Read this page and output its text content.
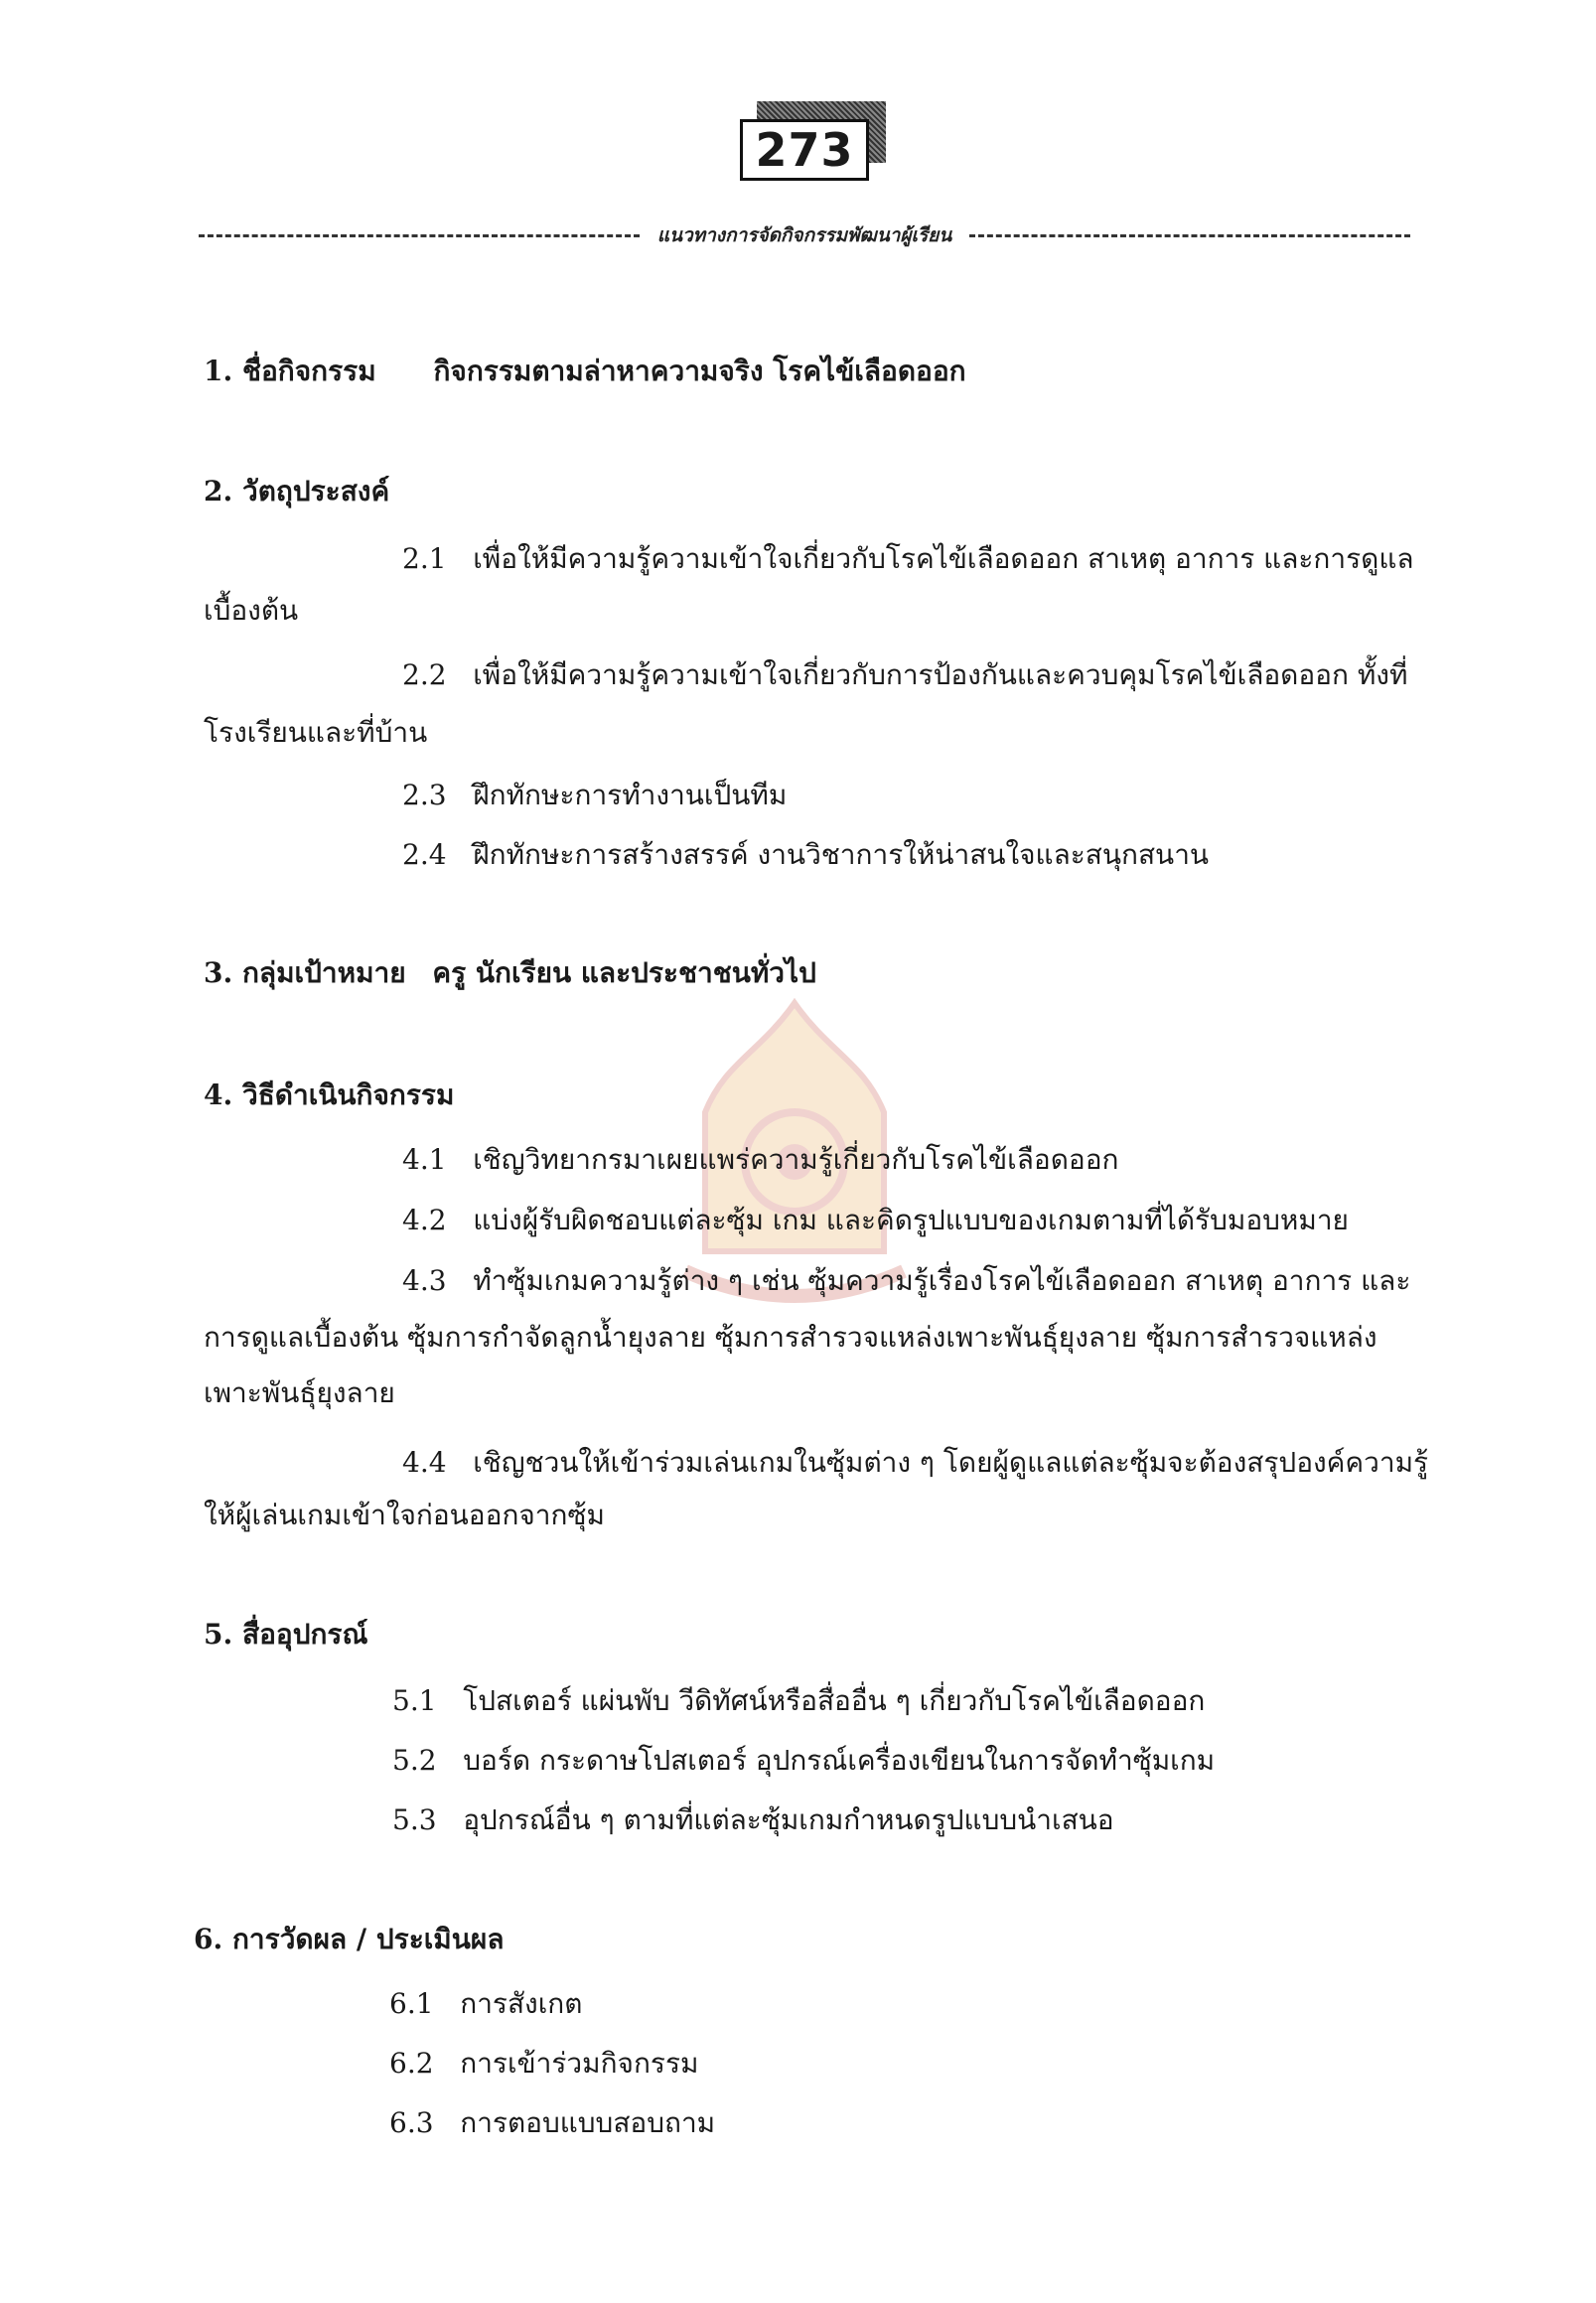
273
แนวทางการจัดกิจกรรมพัฒนาผู้เรียน
1. ชื่อกิจกรรม กิจกรรมตามล่าหาความจริง โรคไข้เลือดออก
2. วัตถุประสงค์
2.1 เพื่อให้มีความรู้ความเข้าใจเกี่ยวกับโรคไข้เลือดออก สาเหตุ อาการ และการดูแล
เบื้องต้น
2.2 เพื่อให้มีความรู้ความเข้าใจเกี่ยวกับการป้องกันและควบคุมโรคไข้เลือดออก ทั้งที่
โรงเรียนและที่บ้าน
2.3 ฝึกทักษะการทำงานเป็นทีม
2.4 ฝึกทักษะการสร้างสรรค์ งานวิชาการให้น่าสนใจและสนุกสนาน
3. กลุ่มเป้าหมาย ครู นักเรียน และประชาชนทั่วไป
4. วิธีดำเนินกิจกรรม
4.1 เชิญวิทยากรมาเผยแพร่ความรู้เกี่ยวกับโรคไข้เลือดออก
4.2 แบ่งผู้รับผิดชอบแต่ละซุ้ม เกม และคิดรูปแบบของเกมตามที่ได้รับมอบหมาย
4.3 ทำซุ้มเกมความรู้ต่าง ๆ เช่น ซุ้มความรู้เรื่องโรคไข้เลือดออก สาเหตุ อาการ และ
การดูแลเบื้องต้น ซุ้มการกำจัดลูกน้ำยุงลาย ซุ้มการสำรวจแหล่งเพาะพันธุ์ยุงลาย ซุ้มการสำรวจแหล่ง
เพาะพันธุ์ยุงลาย
4.4 เชิญชวนให้เข้าร่วมเล่นเกมในซุ้มต่าง ๆ โดยผู้ดูแลแต่ละซุ้มจะต้องสรุปองค์ความรู้
ให้ผู้เล่นเกมเข้าใจก่อนออกจากซุ้ม
5. สื่ออุปกรณ์
5.1 โปสเตอร์ แผ่นพับ วีดิทัศน์หรือสื่ออื่น ๆ เกี่ยวกับโรคไข้เลือดออก
5.2 บอร์ด กระดาษโปสเตอร์ อุปกรณ์เครื่องเขียนในการจัดทำซุ้มเกม
5.3 อุปกรณ์อื่น ๆ ตามที่แต่ละซุ้มเกมกำหนดรูปแบบนำเสนอ
6. การวัดผล / ประเมินผล
6.1 การสังเกต
6.2 การเข้าร่วมกิจกรรม
6.3 การตอบแบบสอบถาม
